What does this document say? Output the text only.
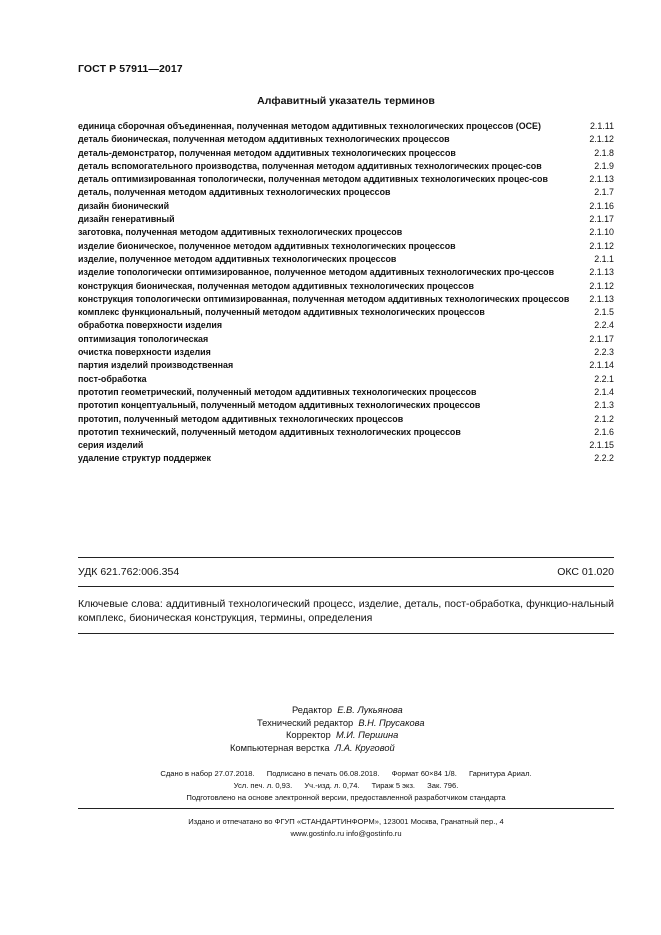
ГОСТ Р 57911—2017
Алфавитный указатель терминов
единица сборочная объединенная, полученная методом аддитивных технологических процессов (ОСЕ)	2.1.11
деталь бионическая, полученная методом аддитивных технологических процессов	2.1.12
деталь-демонстратор, полученная методом аддитивных технологических процессов	2.1.8
деталь вспомогательного производства, полученная методом аддитивных технологических процес-сов	2.1.9
деталь оптимизированная топологически, полученная методом аддитивных технологических процес-сов	2.1.13
деталь, полученная методом аддитивных технологических процессов	2.1.7
дизайн бионический	2.1.16
дизайн генеративный	2.1.17
заготовка, полученная методом аддитивных технологических процессов	2.1.10
изделие бионическое, полученное методом аддитивных технологических процессов	2.1.12
изделие, полученное методом аддитивных технологических процессов	2.1.1
изделие топологически оптимизированное, полученное методом аддитивных технологических про-цессов	2.1.13
конструкция бионическая, полученная методом аддитивных технологических процессов	2.1.12
конструкция топологически оптимизированная, полученная методом аддитивных технологических процессов	2.1.13
комплекс функциональный, полученный методом аддитивных технологических процессов	2.1.5
обработка поверхности изделия	2.2.4
оптимизация топологическая	2.1.17
очистка поверхности изделия	2.2.3
партия изделий производственная	2.1.14
пост-обработка	2.2.1
прототип геометрический, полученный методом аддитивных технологических процессов	2.1.4
прототип концептуальный, полученный методом аддитивных технологических процессов	2.1.3
прототип, полученный методом аддитивных технологических процессов	2.1.2
прототип технический, полученный методом аддитивных технологических процессов	2.1.6
серия изделий	2.1.15
удаление структур поддержек	2.2.2
УДК 621.762:006.354	ОКС 01.020
Ключевые слова: аддитивный технологический процесс, изделие, деталь, пост-обработка, функцио-нальный комплекс, бионическая конструкция, термины, определения
Редактор Е.В. Лукьянова
Технический редактор В.Н. Прусакова
Корректор М.И. Першина
Компьютерная верстка Л.А. Круговой
Сдано в набор 27.07.2018. Подписано в печать 06.08.2018. Формат 60×84 1/8. Гарнитура Ариал.
Усл. печ. л. 0,93. Уч.-изд. л. 0,74. Тираж 5 экз. Зак. 796.
Подготовлено на основе электронной версии, предоставленной разработчиком стандарта
Издано и отпечатано во ФГУП «СТАНДАРТИНФОРМ», 123001 Москва, Гранатный пер., 4
www.gostinfo.ru info@gostinfo.ru
